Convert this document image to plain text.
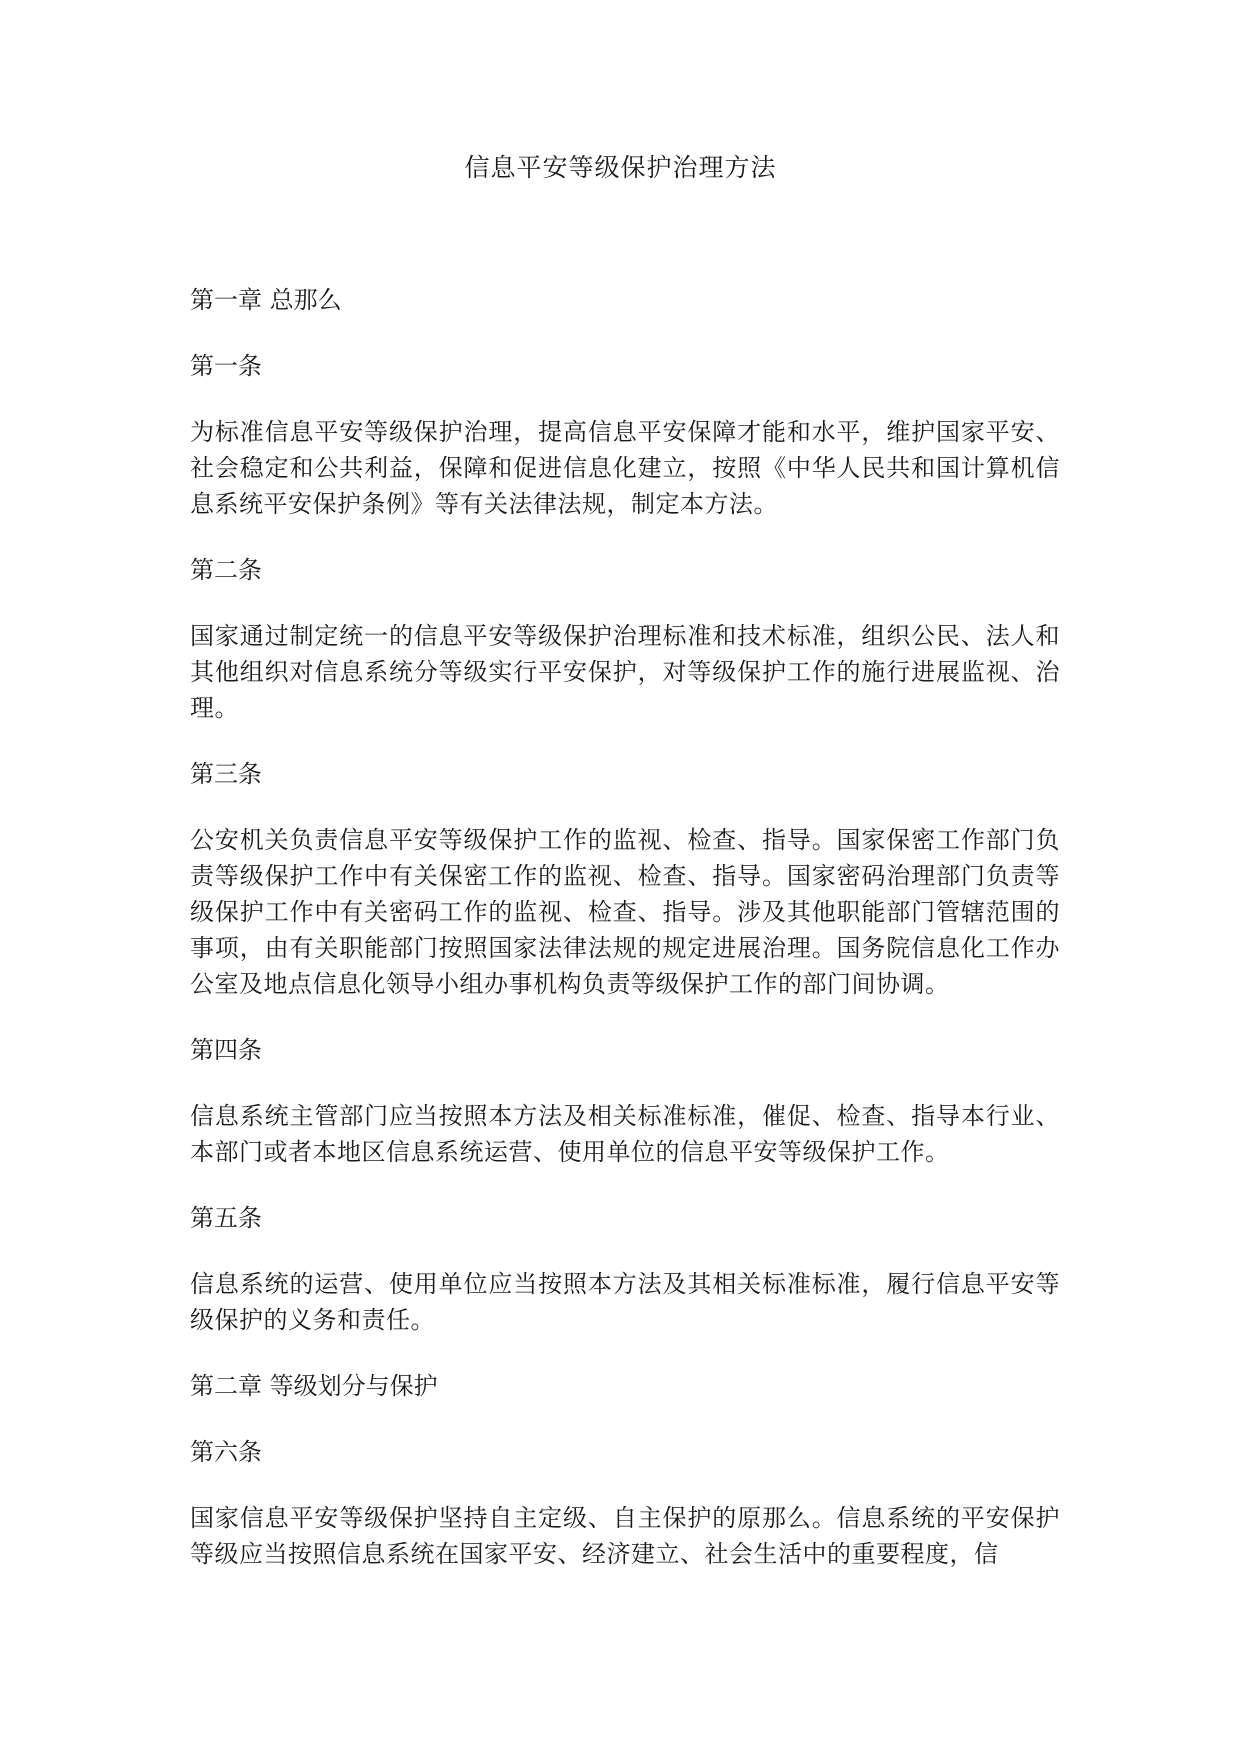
信息平安等级保护治理方法

第一章 总那么

第一条

为标准信息平安等级保护治理，提高信息平安保障才能和水平，维护国家平安、社会稳定和公共利益，保障和促进信息化建立，按照《中华人民共和国计算机信息系统平安保护条例》等有关法律法规，制定本方法。

第二条

国家通过制定统一的信息平安等级保护治理标准和技术标准，组织公民、法人和其他组织对信息系统分等级实行平安保护，对等级保护工作的施行进展监视、治理。

第三条

公安机关负责信息平安等级保护工作的监视、检查、指导。国家保密工作部门负责等级保护工作中有关保密工作的监视、检查、指导。国家密码治理部门负责等级保护工作中有关密码工作的监视、检查、指导。涉及其他职能部门管辖范围的事项，由有关职能部门按照国家法律法规的规定进展治理。国务院信息化工作办公室及地点信息化领导小组办事机构负责等级保护工作的部门间协调。

第四条

信息系统主管部门应当按照本方法及相关标准标准，催促、检查、指导本行业、本部门或者本地区信息系统运营、使用单位的信息平安等级保护工作。

第五条

信息系统的运营、使用单位应当按照本方法及其相关标准标准，履行信息平安等级保护的义务和责任。

第二章 等级划分与保护

第六条

国家信息平安等级保护坚持自主定级、自主保护的原那么。信息系统的平安保护等级应当按照信息系统在国家平安、经济建立、社会生活中的重要程度，信
